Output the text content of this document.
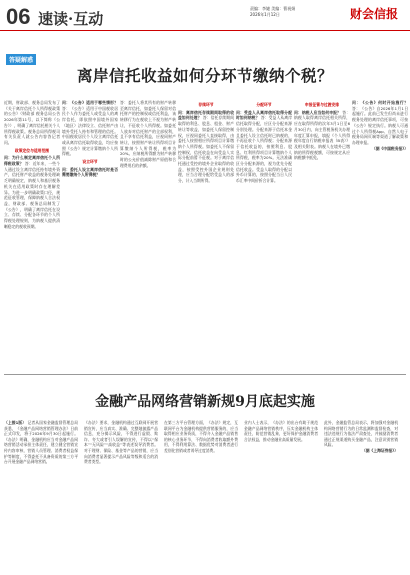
06 速读·互动
责编：李婕 美编：曹祝娟
2026年1月12日	财会信报
答疑解惑
离岸信托收益如何分环节缴纳个税？
近期，财政部、税务总局发布了《关于离岸信托个人所得税政策的公告》（财政部 税务总局公告2026年第11号，以下简称《公告》），明确了离岸信托相关个人所得税政策。税务总局所得税司有关负责人就公告内容答记者问。
政策定位与适用范围
问：为什么制定离岸信托个人所得税政策？ 答：近年来，一些个人通过设立离岸信托持有境外资产，信托财产收益的税务处理缺乏明确规定，纳税人和基层税务机关在适用政策时存在理解差异。为进一步明确政策口径，规范征收管理，保障纳税人合法权益，财政部、税务总局制发了《公告》，明确了离岸信托在设立、存续、分配各环节的个人所得税处理规则，为纳税人提供清晰稳定的税收预期。
问：《公告》适用于哪些情形？ 答：《公告》适用于中国税收居民个人作为委托人或受益人的离岸信托，即依照中国境外国家（地区）法律设立、信托财产由境外受托人持有和管理的信托。中国税收居民个人设立离岸信托或从离岸信托取得收益，均应按照《公告》规定计算缴纳个人所得税。
设立环节
问：委托人设立离岸信托时是否需要缴纳个人所得税？
答：委托人将其所有的财产转移至离岸信托，如委托人保留对信托财产的控制权或信托利益，该转移行为在税收上不视为财产转让，不征收个人所得税。如委托人放弃对信托财产的全部权利，且不享有信托利益，应视同财产转让，按照财产转让所得项目计算缴纳个人所得税，税率为20%。应纳税所得额为财产转移时的公允价值减除财产原值和合理费用后的余额。
存续环节
问：离岸信托存续期间取得的收益如何处理？ 答：信托存续期间取得的利息、股息、租金、财产转让等收益，如委托人保留控制权，应视同委托人直接取得，由委托人按照相应所得项目计算缴纳个人所得税。如委托人不保留控制权，信托收益在向受益人实际分配前暂不征税。对于离岸信托通过受控的境外企业取得的收益，按照受控外国企业规则处理，应当合理分配给受益人的部分，计入当期所得。
分配环节
问：受益人从离岸信托取得分配时如何纳税？ 答：受益人从离岸信托取得分配，应区分分配来源分别处理。分配来源于信托本金且委托人设立信托时已纳税的，不再征收个人所得税；分配来源于信托收益的，按照利息、股息、红利所得项目计算缴纳个人所得税，税率为20%。无法准确区分分配来源的，视为优先分配信托收益。受益人取得的分配以外币计算的，按照分配当日人民币汇率中间价折合计算。
申报征管与过渡安排
问：纳税人应当如何申报？ 答：纳税人取得离岸信托相关所得，应在取得所得的次年3月1日至6月30日内，向主管税务机关办理年度汇算申报，填报《个人所得税年度自行纳税申报表（B表）》及相关附表。纳税人在境外已缴纳的所得税税额，可按规定从应纳税额中抵免。
问：《公告》何时开始施行？ 答：《公告》自2026年1月1日起施行。此前已发生但尚未进行税务处理的离岸信托事项，可按《公告》规定执行。纳税人可通过个人所得税App、自然人电子税务局网页端等渠道了解政策和办理申报。
（据《中国税务报》）
金融产品网络营销新规9月底起实施
（上接1版） 记者从国家金融监督管理总局获悉，《金融产品网络营销管理办法》日前正式印发，将于2026年9月30日起施行。《办法》明确，金融机构应当对金融产品网络营销活动承担主体责任，建立健全营销宣传内容审核、营销人员管理、消费者权益保护等制度，不得委托不具备资质的第三方平台开展金融产品网络营销。
《办法》要求，金融机构通过互联网开展营销宣传，应当真实、准确、完整地披露产品信息，充分揭示风险，不得进行虚假、欺诈、夸大或者引人误解的宣传，不得以“保本”“无风险”“高收益”等表述误导消费者。对于理财、保险、基金等产品的营销，应当向消费者显著提示产品风险等级和适合的消费者类型。
在第三方平台管理方面，《办法》规定，互联网平台为金融机构提供营销服务的，应当取得相应业务资质，不得介入金融产品销售的核心业务环节，不得向消费者收取额外费用，不得利用算法、数据优势对消费者进行差别化营销或者诱导过度消费。
业内人士表示，《办法》的出台有助于规范金融产品网络营销秩序，压实金融机构主体责任，防范营销乱象，更好保护金融消费者合法权益，推动金融业高质量发展。
此外，金融监管总局表示，将加强对金融机构网络营销行为的日常监测和监督检查，对违法违规行为依法严肃查处，并鼓励消费者通过正规渠道购买金融产品，注意识别营销风险。
（据《上海证券报》）
